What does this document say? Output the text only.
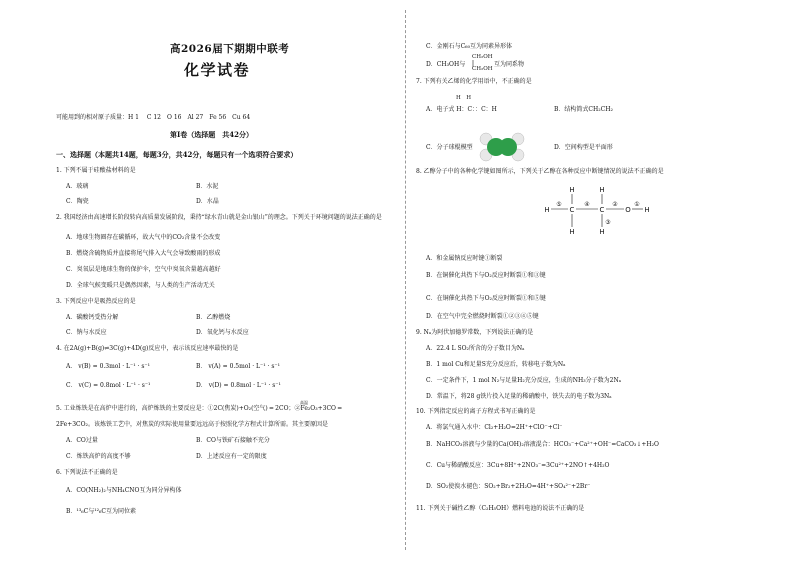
高2026届下期期中联考
化学试卷
可能用到的相对原子质量：H 1　 C 12　O 16　Al 27　Fe 56　Cu 64
第Ⅰ卷（选择题　共42分）
一、选择题（本题共14题，每题3分，共42分，每题只有一个选项符合要求）
1. 下列不属于硅酸盐材料的是
A．玻璃	B．水泥
C．陶瓷	D．水晶
2. 我国经济由高速增长阶段转向高质量发展阶段，秉持“绿水青山就是金山银山”的理念。下列关于环境问题的说法正确的是
A．地球生物圈存在碳循环，故大气中的CO₂含量不会改变
B．燃烧含硫物质并直接将尾气排入大气会导致酸雨的形成
C．臭氧层是地球生物的保护伞，空气中臭氧含量越高越好
D．全球气候变暖只是偶然因素，与人类的生产活动无关
3. 下列反应中是吸热反应的是
A．碳酸钙受热分解	B．乙醇燃烧
C．钠与水反应	D．氧化钙与水反应
4. 在2A(g)+B(g)⇌3C(g)+4D(g)反应中，表示该反应速率最快的是
A． v(B) = 0.3mol · L⁻¹ · s⁻¹	B． v(A) = 0.5mol · L⁻¹ · s⁻¹
C． v(C) = 0.8mol · L⁻¹ · s⁻¹	D． v(D) = 0.8mol · L⁻¹ · s⁻¹
高温
5. 工业炼铁是在高炉中进行的，高炉炼铁的主要反应是：①2C(焦炭)+O₂(空气) ═ 2CO；②Fe₂O₃+3CO ═
2Fe+3CO₂。该炼铁工艺中，对焦炭的实际使用量要远远高于按照化学方程式计算所需。其主要原因是
A．CO过量	B．CO与铁矿石接触不充分
C．炼铁高炉的高度不够	D．上述反应有一定的限度
6. 下列说法不正确的是
A．CO(NH₂)₂与NH₄CNO互为同分异构体
B．¹³₆C与¹²₆C互为同位素
C．金刚石与C₆₀互为同素异形体
D．CH₃OH与
CH₂OH
CH₂OH
互为同系物
7. 下列有关乙烯的化学用语中，不正确的是
H　H
A．电子式 H：C：：C：H	B．结构简式CH₂CH₂
C．分子球棍模型	D．空间构型是平面形
8. 乙醇分子中的各种化学键如图所示，下列关于乙醇在各种反应中断键情况的说法不正确的是
H	C
H
H
C
H
H
O H
⑤	④	②	①
③
A．和金属钠反应时键①断裂
B．在铜催化共热下与O₂反应时断裂①和③键
C．在铜催化共热下与O₂反应时断裂①和⑤键
D．在空气中完全燃烧时断裂①②③④⑤键
9. Nₐ为阿伏加德罗常数，下列说法正确的是
A．22.4 L SO₂所含的分子数目为Nₐ
B．1 mol Cu和足量S充分反应后，转移电子数为Nₐ
C．一定条件下，1 mol N₂与足量H₂充分反应，生成的NH₃分子数为2Nₐ
D．常温下，将28 g铁片投入足量的稀硝酸中，铁失去的电子数为3Nₐ
10. 下列指定反应的离子方程式书写正确的是
A．将氯气通入水中：Cl₂+H₂O=2H⁺+ClO⁻+Cl⁻
B．NaHCO₃溶液与少量的Ca(OH)₂溶液混合：HCO₃⁻+Ca²⁺+OH⁻=CaCO₃↓+H₂O
C．Cu与稀硝酸反应：3Cu+8H⁺+2NO₃⁻=3Cu²⁺+2NO↑+4H₂O
D．SO₂使溴水褪色：SO₂+Br₂+2H₂O=4H⁺+SO₄²⁻+2Br⁻
11. 下列关于碱性乙醇（C₂H₅OH）燃料电池的说法不正确的是
